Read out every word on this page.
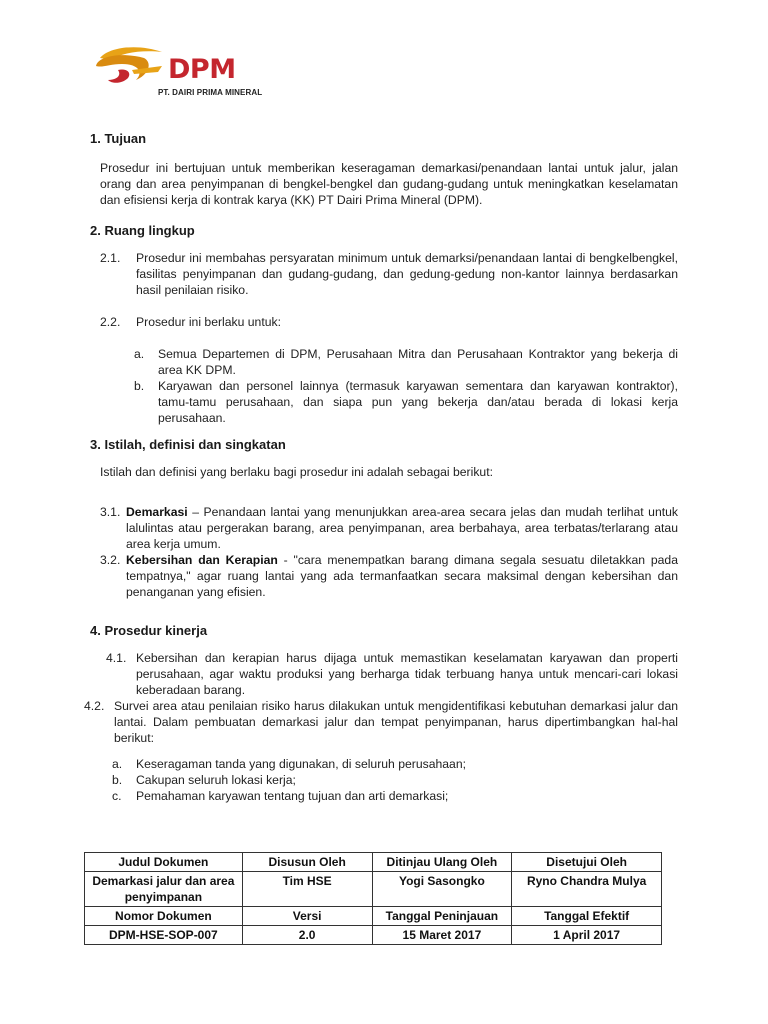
DPM
PT. DAIRI PRIMA MINERAL
1. Tujuan

Prosedur ini bertujuan untuk memberikan keseragaman demarkasi/penandaan lantai untuk jalur, jalan orang dan area penyimpanan di bengkel-bengkel dan gudang-gudang untuk meningkatkan keselamatan dan efisiensi kerja di kontrak karya (KK) PT Dairi Prima Mineral (DPM).

2. Ruang lingkup
2.1.	Prosedur ini membahas persyaratan minimum untuk demarksi/penandaan lantai di bengkelbengkel, fasilitas penyimpanan dan gudang-gudang, dan gedung-gedung non-kantor lainnya berdasarkan hasil penilaian risiko.
2.2.	Prosedur ini berlaku untuk:
a.	Semua Departemen di DPM, Perusahaan Mitra dan Perusahaan Kontraktor yang bekerja di area KK DPM.
b.	Karyawan dan personel lainnya (termasuk karyawan sementara dan karyawan kontraktor), tamu-tamu perusahaan, dan siapa pun yang bekerja dan/atau berada di lokasi kerja perusahaan.
3. Istilah, definisi dan singkatan

Istilah dan definisi yang berlaku bagi prosedur ini adalah sebagai berikut:

3.1. Demarkasi – Penandaan lantai yang menunjukkan area-area secara jelas dan mudah terlihat untuk lalulintas atau pergerakan barang, area penyimpanan, area berbahaya, area terbatas/terlarang atau area kerja umum.
3.2. Kebersihan dan Kerapian - "cara menempatkan barang dimana segala sesuatu diletakkan pada tempatnya," agar ruang lantai yang ada termanfaatkan secara maksimal dengan kebersihan dan penanganan yang efisien.
4. Prosedur kinerja
4.1. Kebersihan dan kerapian harus dijaga untuk memastikan keselamatan karyawan dan properti perusahaan, agar waktu produksi yang berharga tidak terbuang hanya untuk mencari-cari lokasi keberadaan barang.
4.2. Survei area atau penilaian risiko harus dilakukan untuk mengidentifikasi kebutuhan demarkasi jalur dan lantai. Dalam pembuatan demarkasi jalur dan tempat penyimpanan, harus dipertimbangkan hal-hal berikut:
a.	Keseragaman tanda yang digunakan, di seluruh perusahaan;
b.	Cakupan seluruh lokasi kerja;
c.	Pemahaman karyawan tentang tujuan dan arti demarkasi;
Judul Dokumen	Disusun Oleh	Ditinjau Ulang Oleh	Disetujui Oleh
Demarkasi jalur dan area penyimpanan	Tim HSE	Yogi Sasongko	Ryno Chandra Mulya
Nomor Dokumen	Versi	Tanggal Peninjauan	Tanggal Efektif
DPM-HSE-SOP-007	2.0	15 Maret 2017	1 April 2017
